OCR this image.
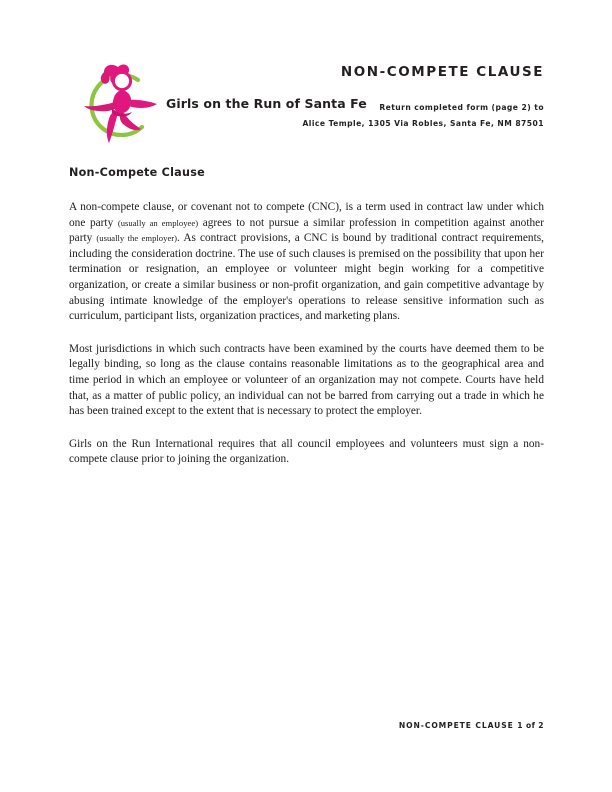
Girls on the Run of Santa Fe
NON-COMPETE CLAUSE
Return completed form (page 2) to
Alice Temple, 1305 Via Robles, Santa Fe, NM 87501
Non-Compete Clause

A non-compete clause, or covenant not to compete (CNC), is a term used in contract law under which one party (usually an employee) agrees to not pursue a similar profession in competition against another party (usually the employer). As contract provisions, a CNC is bound by traditional contract requirements, including the consideration doctrine. The use of such clauses is premised on the possibility that upon her termination or resignation, an employee or volunteer might begin working for a competitive organization, or create a similar business or non-profit organization, and gain competitive advantage by abusing intimate knowledge of the employer's operations to release sensitive information such as curriculum, participant lists, organization practices, and marketing plans.

Most jurisdictions in which such contracts have been examined by the courts have deemed them to be legally binding, so long as the clause contains reasonable limitations as to the geographical area and time period in which an employee or volunteer of an organization may not compete. Courts have held that, as a matter of public policy, an individual can not be barred from carrying out a trade in which he has been trained except to the extent that is necessary to protect the employer.

Girls on the Run International requires that all council employees and volunteers must sign a non-compete clause prior to joining the organization.

NON-COMPETE CLAUSE 1 of 2
